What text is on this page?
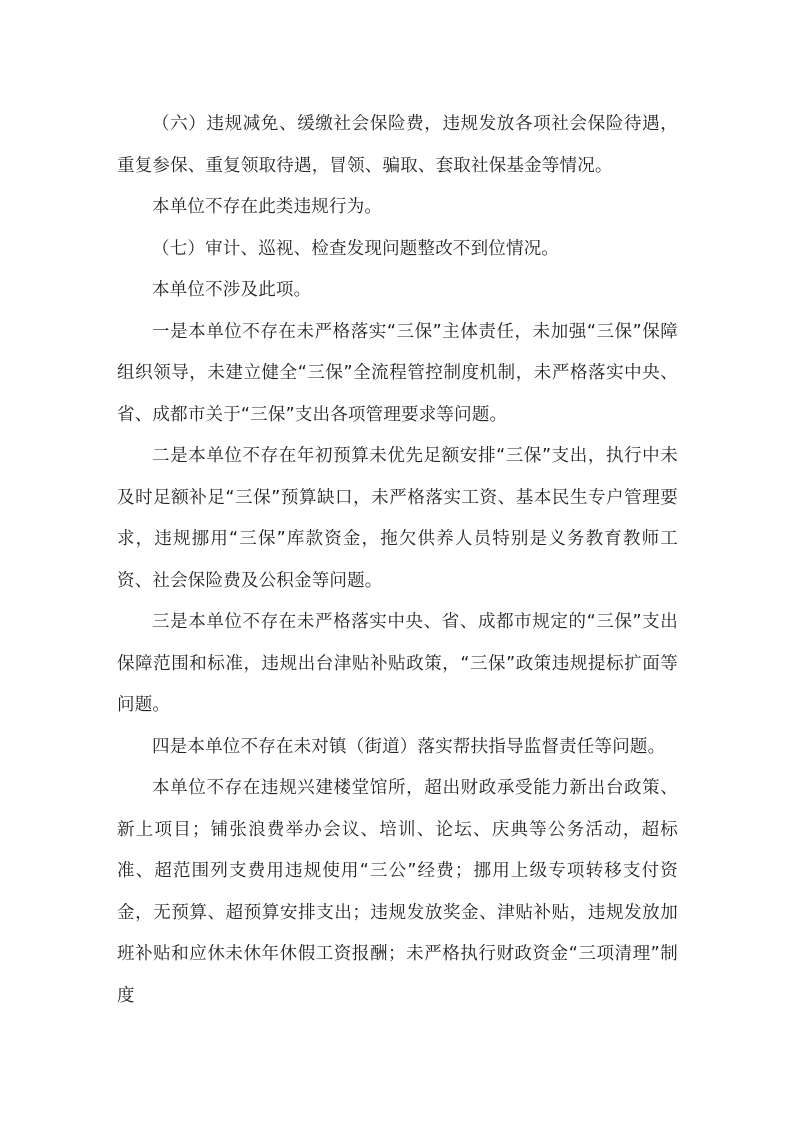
（六）违规减免、缓缴社会保险费，违规发放各项社会保险待遇，重复参保、重复领取待遇，冒领、骗取、套取社保基金等情况。

本单位不存在此类违规行为。

（七）审计、巡视、检查发现问题整改不到位情况。

本单位不涉及此项。

一是本单位不存在未严格落实“三保”主体责任，未加强“三保”保障组织领导，未建立健全“三保”全流程管控制度机制，未严格落实中央、省、成都市关于“三保”支出各项管理要求等问题。

二是本单位不存在年初预算未优先足额安排“三保”支出，执行中未及时足额补足“三保”预算缺口，未严格落实工资、基本民生专户管理要求，违规挪用“三保”库款资金，拖欠供养人员特别是义务教育教师工资、社会保险费及公积金等问题。

三是本单位不存在未严格落实中央、省、成都市规定的“三保”支出保障范围和标准，违规出台津贴补贴政策，“三保”政策违规提标扩面等问题。

四是本单位不存在未对镇（街道）落实帮扶指导监督责任等问题。

本单位不存在违规兴建楼堂馆所，超出财政承受能力新出台政策、新上项目；铺张浪费举办会议、培训、论坛、庆典等公务活动，超标准、超范围列支费用违规使用“三公”经费；挪用上级专项转移支付资金，无预算、超预算安排支出；违规发放奖金、津贴补贴，违规发放加班补贴和应休未休年休假工资报酬；未严格执行财政资金“三项清理”制度
